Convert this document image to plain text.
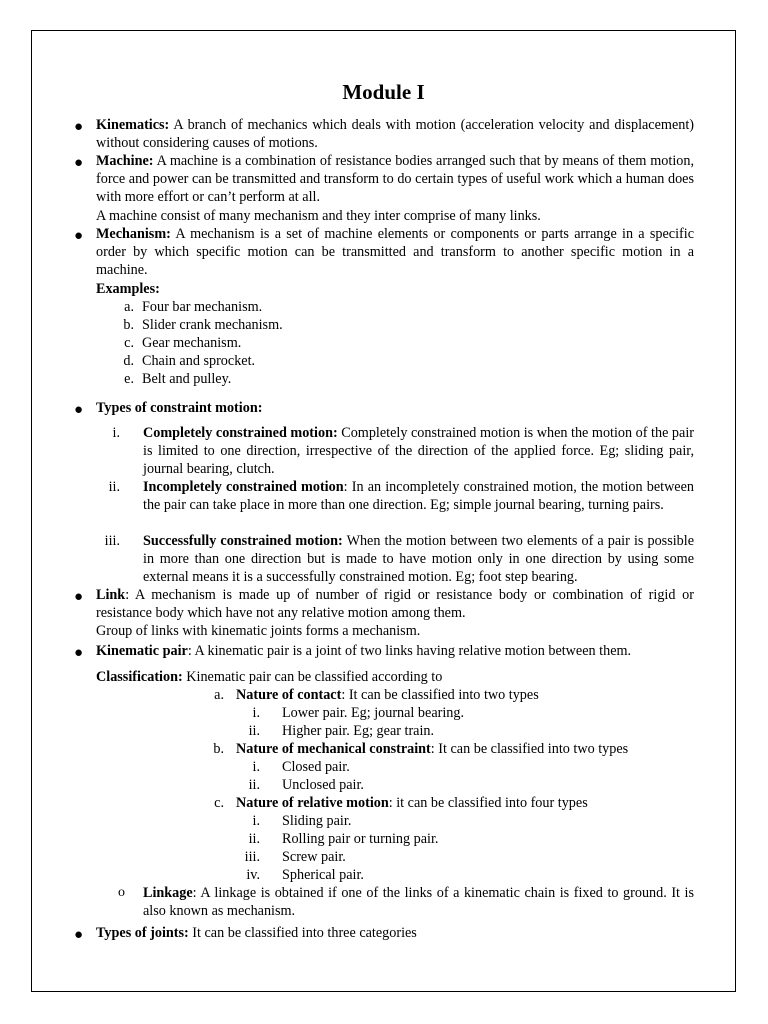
Module I
● Kinematics: A branch of mechanics which deals with motion (acceleration velocity and displacement) without considering causes of motions.
● Machine: A machine is a combination of resistance bodies arranged such that by means of them motion, force and power can be transmitted and transform to do certain types of useful work which a human does with more effort or can’t perform at all.
A machine consist of many mechanism and they inter comprise of many links.
● Mechanism: A mechanism is a set of machine elements or components or parts arrange in a specific order by which specific motion can be transmitted and transform to another specific motion in a machine.
Examples:
a. Four bar mechanism.
b. Slider crank mechanism.
c. Gear mechanism.
d. Chain and sprocket.
e. Belt and pulley.
● Types of constraint motion:
i. Completely constrained motion: Completely constrained motion is when the motion of the pair is limited to one direction, irrespective of the direction of the applied force. Eg; sliding pair, journal bearing, clutch.
ii. Incompletely constrained motion: In an incompletely constrained motion, the motion between the pair can take place in more than one direction. Eg; simple journal bearing, turning pairs.
iii. Successfully constrained motion: When the motion between two elements of a pair is possible in more than one direction but is made to have motion only in one direction by using some external means it is a successfully constrained motion. Eg; foot step bearing.
● Link: A mechanism is made up of number of rigid or resistance body or combination of rigid or resistance body which have not any relative motion among them.
Group of links with kinematic joints forms a mechanism.
● Kinematic pair: A kinematic pair is a joint of two links having relative motion between them.
Classification: Kinematic pair can be classified according to
a. Nature of contact: It can be classified into two types
i. Lower pair. Eg; journal bearing.
ii. Higher pair. Eg; gear train.
b. Nature of mechanical constraint: It can be classified into two types
i. Closed pair.
ii. Unclosed pair.
c. Nature of relative motion: it can be classified into four types
i. Sliding pair.
ii. Rolling pair or turning pair.
iii. Screw pair.
iv. Spherical pair.
o Linkage: A linkage is obtained if one of the links of a kinematic chain is fixed to ground. It is also known as mechanism.
● Types of joints: It can be classified into three categories
